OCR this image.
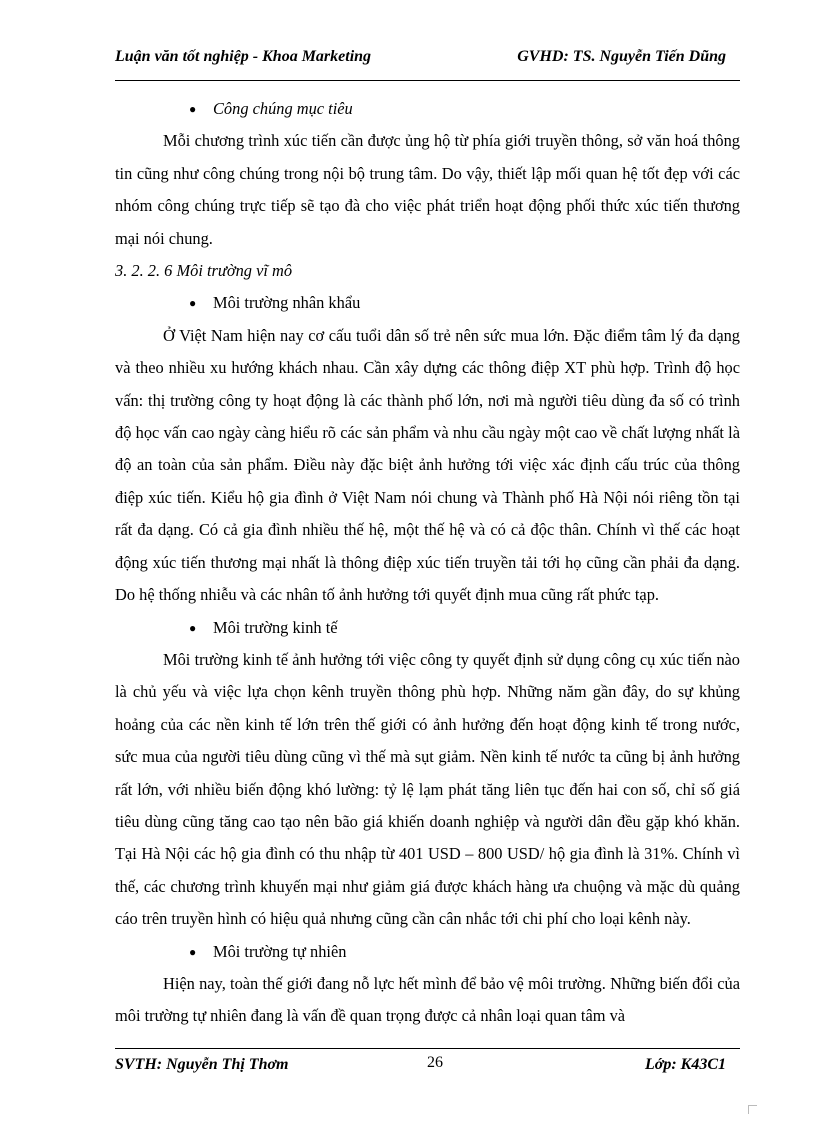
Luận văn tốt nghiệp - Khoa Marketing	GVHD: TS. Nguyễn Tiến Dũng

● Công chúng mục tiêu

Mỗi chương trình xúc tiến cần được ủng hộ từ phía giới truyền thông, sở văn hoá thông tin cũng như công chúng trong nội bộ trung tâm. Do vậy, thiết lập mối quan hệ tốt đẹp với các nhóm công chúng trực tiếp sẽ tạo đà cho việc phát triển hoạt động phối thức xúc tiến thương mại nói chung.

3. 2. 2. 6 Môi trường vĩ mô

● Môi trường nhân khẩu

Ở Việt Nam hiện nay cơ cấu tuổi dân số trẻ nên sức mua lớn. Đặc điểm tâm lý đa dạng và theo nhiều xu hướng khách nhau. Cần xây dựng các thông điệp XT phù hợp. Trình độ học vấn: thị trường công ty hoạt động là các thành phố lớn, nơi mà người tiêu dùng đa số có trình độ học vấn cao ngày càng hiểu rõ các sản phẩm và nhu cầu ngày một cao về chất lượng nhất là độ an toàn của sản phẩm. Điều này đặc biệt ảnh hưởng tới việc xác định cấu trúc của thông điệp xúc tiến. Kiểu hộ gia đình ở Việt Nam nói chung và Thành phố Hà Nội nói riêng tồn tại rất đa dạng. Có cả gia đình nhiều thế hệ, một thế hệ và có cả độc thân. Chính vì thế các hoạt động xúc tiến thương mại nhất là thông điệp xúc tiến truyền tải tới họ cũng cần phải đa dạng. Do hệ thống nhiễu và các nhân tố ảnh hưởng tới quyết định mua cũng rất phức tạp.

● Môi trường kinh tế

Môi trường kinh tế ảnh hưởng tới việc công ty quyết định sử dụng công cụ xúc tiến nào là chủ yếu và việc lựa chọn kênh truyền thông phù hợp. Những năm gần đây, do sự khủng hoảng của các nền kinh tế lớn trên thế giới có ảnh hưởng đến hoạt động kinh tế trong nước, sức mua của người tiêu dùng cũng vì thế mà sụt giảm. Nền kinh tế nước ta cũng bị ảnh hưởng rất lớn, với nhiều biến động khó lường: tỷ lệ lạm phát tăng liên tục đến hai con số, chỉ số giá tiêu dùng cũng tăng cao tạo nên bão giá khiến doanh nghiệp và người dân đều gặp khó khăn. Tại Hà Nội các hộ gia đình có thu nhập từ 401 USD – 800 USD/ hộ gia đình là 31%. Chính vì thế, các chương trình khuyến mại như giảm giá được khách hàng ưa chuộng và mặc dù quảng cáo trên truyền hình có hiệu quả nhưng cũng cần cân nhắc tới chi phí cho loại kênh này.

● Môi trường tự nhiên

Hiện nay, toàn thế giới đang nỗ lực hết mình để bảo vệ môi trường. Những biến đổi của môi trường tự nhiên đang là vấn đề quan trọng được cả nhân loại quan tâm và

SVTH: Nguyễn Thị Thơm	26	Lớp: K43C1
